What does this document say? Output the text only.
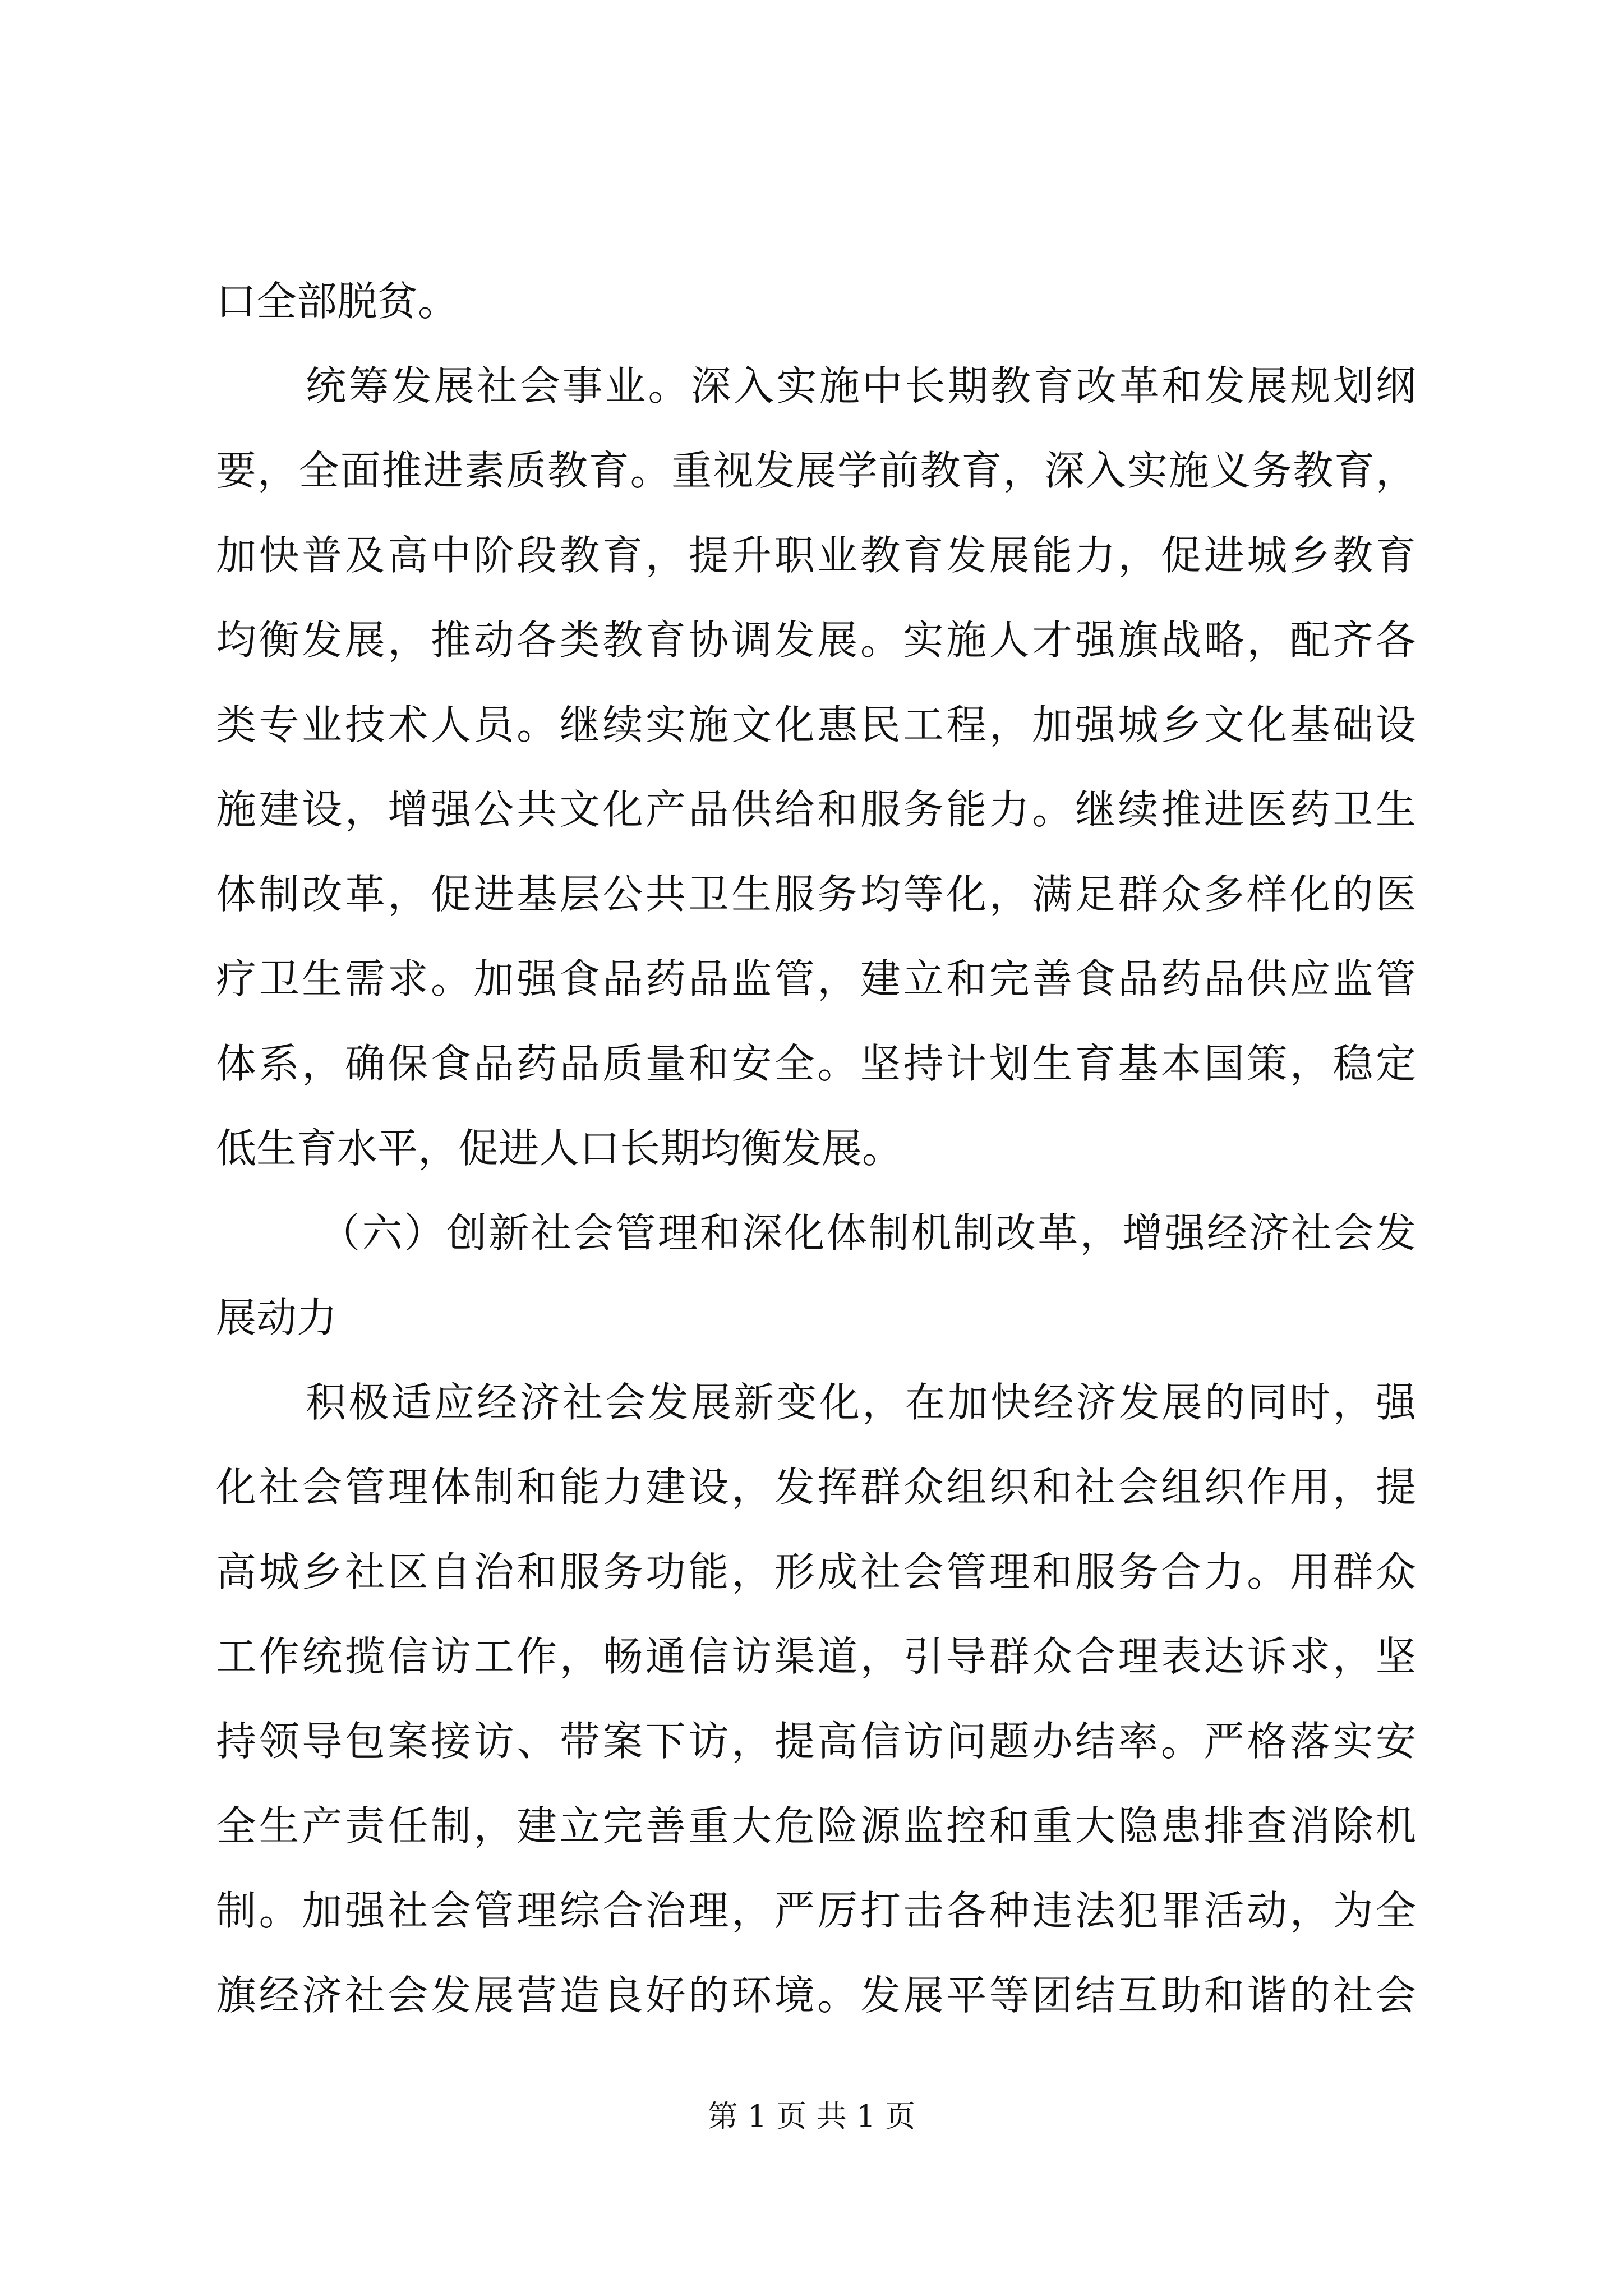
口全部脱贫。
统筹发展社会事业。深入实施中长期教育改革和发展规划纲
要，全面推进素质教育。重视发展学前教育，深入实施义务教育，
加快普及高中阶段教育，提升职业教育发展能力，促进城乡教育
均衡发展，推动各类教育协调发展。实施人才强旗战略，配齐各
类专业技术人员。继续实施文化惠民工程，加强城乡文化基础设
施建设，增强公共文化产品供给和服务能力。继续推进医药卫生
体制改革，促进基层公共卫生服务均等化，满足群众多样化的医
疗卫生需求。加强食品药品监管，建立和完善食品药品供应监管
体系，确保食品药品质量和安全。坚持计划生育基本国策，稳定
低生育水平，促进人口长期均衡发展。
（六）创新社会管理和深化体制机制改革，增强经济社会发
展动力
积极适应经济社会发展新变化，在加快经济发展的同时，强
化社会管理体制和能力建设，发挥群众组织和社会组织作用，提
高城乡社区自治和服务功能，形成社会管理和服务合力。用群众
工作统揽信访工作，畅通信访渠道，引导群众合理表达诉求，坚
持领导包案接访、带案下访，提高信访问题办结率。严格落实安
全生产责任制，建立完善重大危险源监控和重大隐患排查消除机
制。加强社会管理综合治理，严厉打击各种违法犯罪活动，为全
旗经济社会发展营造良好的环境。发展平等团结互助和谐的社会
第 1 页 共 1 页
